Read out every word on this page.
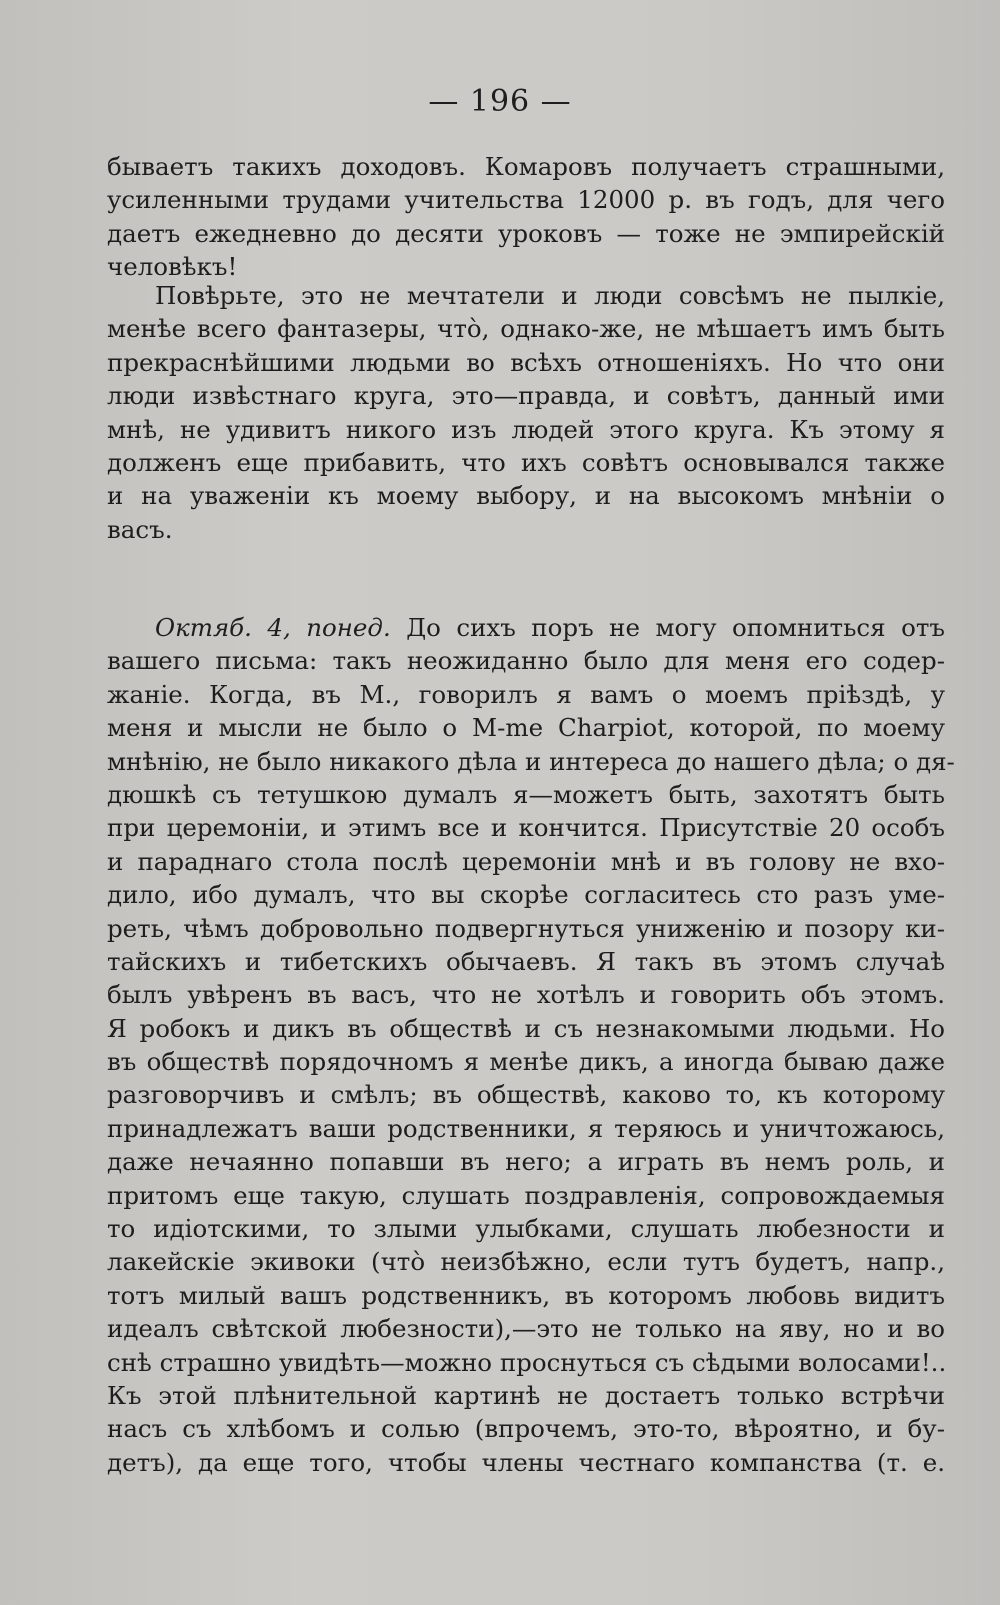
— 196 —
бываетъ такихъ доходовъ. Комаровъ получаетъ страшными,
усиленными трудами учительства 12000 р. въ годъ, для чего
даетъ ежедневно до десяти уроковъ — тоже не эмпирейскій
человѣкъ!
Повѣрьте, это не мечтатели и люди совсѣмъ не пылкіе,
менѣе всего фантазеры, что̀, однако-же, не мѣшаетъ имъ быть
прекраснѣйшими людьми во всѣхъ отношеніяхъ. Но что они
люди извѣстнаго круга, это—правда, и совѣтъ, данный ими
мнѣ, не удивитъ никого изъ людей этого круга. Къ этому я
долженъ еще прибавить, что ихъ совѣтъ основывался также
и на уваженіи къ моему выбору, и на высокомъ мнѣніи о
васъ.
Октяб. 4, понед. До сихъ поръ не могу опомниться отъ
вашего письма: такъ неожиданно было для меня его содер-
жаніе. Когда, въ М., говорилъ я вамъ о моемъ пріѣздѣ, у
меня и мысли не было о M-me Charpiot, которой, по моему
мнѣнію, не было никакого дѣла и интереса до нашего дѣла; о дя-
дюшкѣ съ тетушкою думалъ я—можетъ быть, захотятъ быть
при церемоніи, и этимъ все и кончится. Присутствіе 20 особъ
и параднаго стола послѣ церемоніи мнѣ и въ голову не вхо-
дило, ибо думалъ, что вы скорѣе согласитесь сто разъ уме-
реть, чѣмъ добровольно подвергнуться униженію и позору ки-
тайскихъ и тибетскихъ обычаевъ. Я такъ въ этомъ случаѣ
былъ увѣренъ въ васъ, что не хотѣлъ и говорить объ этомъ.
Я робокъ и дикъ въ обществѣ и съ незнакомыми людьми. Но
въ обществѣ порядочномъ я менѣе дикъ, а иногда бываю даже
разговорчивъ и смѣлъ; въ обществѣ, каково то, къ которому
принадлежатъ ваши родственники, я теряюсь и уничтожаюсь,
даже нечаянно попавши въ него; а играть въ немъ роль, и
притомъ еще такую, слушать поздравленія, сопровождаемыя
то идіотскими, то злыми улыбками, слушать любезности и
лакейскіе экивоки (что̀ неизбѣжно, если тутъ будетъ, напр.,
тотъ милый вашъ родственникъ, въ которомъ любовь видитъ
идеалъ свѣтской любезности),—это не только на яву, но и во
снѣ страшно увидѣть—можно проснуться съ сѣдыми волосами!..
Къ этой плѣнительной картинѣ не достаетъ только встрѣчи
насъ съ хлѣбомъ и солью (впрочемъ, это-то, вѣроятно, и бу-
детъ), да еще того, чтобы члены честнаго компанства (т. е.
